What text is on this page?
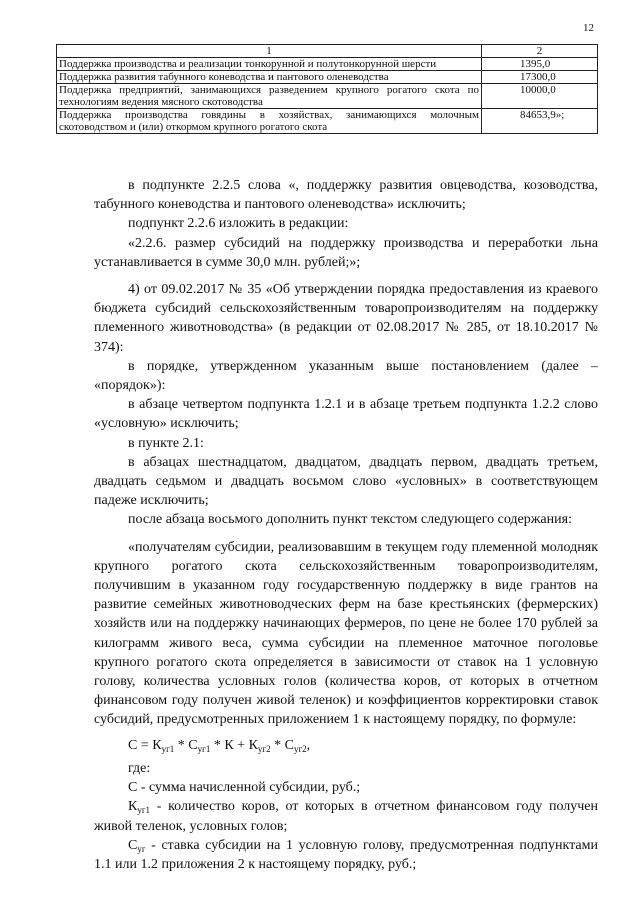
12
1	2
Поддержка производства и реализации тонкорунной и полутонкорунной шерсти	1395,0
Поддержка развития табунного коневодства и пантового оленеводства	17300,0
Поддержка предприятий, занимающихся разведением крупного рогатого скота по технологиям ведения мясного скотоводства	10000,0
Поддержка производства говядины в хозяйствах, занимающихся молочным скотоводством и (или) откормом крупного рогатого скота	84653,9»;

в подпункте 2.2.5 слова «, поддержку развития овцеводства, козоводства, табунного коневодства и пантового оленеводства» исключить;

подпункт 2.2.6 изложить в редакции:

«2.2.6. размер субсидий на поддержку производства и переработки льна устанавливается в сумме 30,0 млн. рублей;»;

4) от 09.02.2017 № 35 «Об утверждении порядка предоставления из краевого бюджета субсидий сельскохозяйственным товаропроизводителям на поддержку племенного животноводства» (в редакции от 02.08.2017 № 285, от 18.10.2017 № 374):

в порядке, утвержденном указанным выше постановлением (далее – «порядок»):

в абзаце четвертом подпункта 1.2.1 и в абзаце третьем подпункта 1.2.2 слово «условную» исключить;

в пункте 2.1:

в абзацах шестнадцатом, двадцатом, двадцать первом, двадцать третьем, двадцать седьмом и двадцать восьмом слово «условных» в соответствующем падеже исключить;

после абзаца восьмого дополнить пункт текстом следующего содержания:

«получателям субсидии, реализовавшим в текущем году племенной молодняк крупного рогатого скота сельскохозяйственным товаропроизводителям, получившим в указанном году государственную поддержку в виде грантов на развитие семейных животноводческих ферм на базе крестьянских (фермерских) хозяйств или на поддержку начинающих фермеров, по цене не более 170 рублей за килограмм живого веса, сумма субсидии на племенное маточное поголовье крупного рогатого скота определяется в зависимости от ставок на 1 условную голову, количества условных голов (количества коров, от которых в отчетном финансовом году получен живой теленок) и коэффициентов корректировки ставок субсидий, предусмотренных приложением 1 к настоящему порядку, по формуле:

$С = К_{уг1} * С_{уг1} * К + К_{уг2} * С_{уг2}$,

где:

С - сумма начисленной субсидии, руб.;

$К_{уг1}$ - количество коров, от которых в отчетном финансовом году получен живой теленок, условных голов;

$С_{уг}$ - ставка субсидии на 1 условную голову, предусмотренная подпунктами 1.1 или 1.2 приложения 2 к настоящему порядку, руб.;
